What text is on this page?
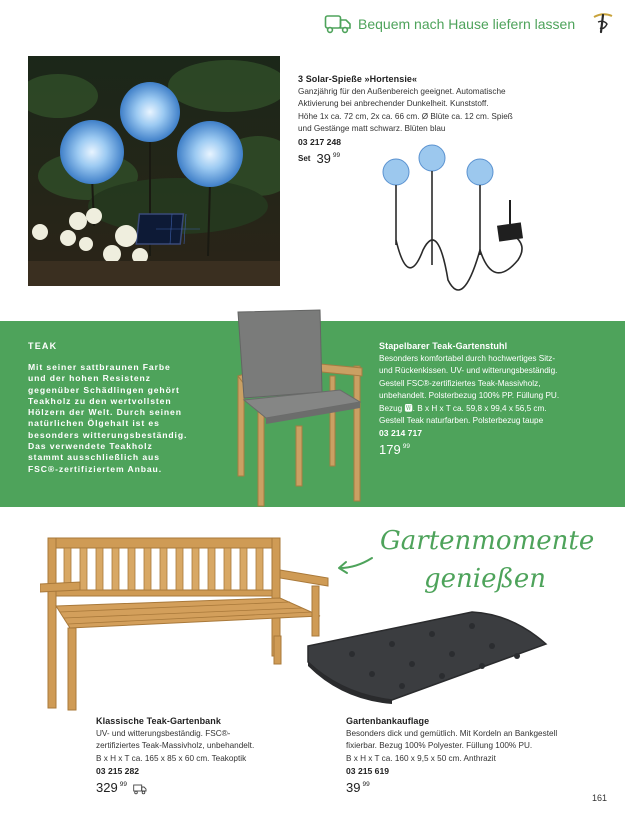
Bequem nach Hause liefern lassen
3 Solar-Spieße »Hortensie«
Ganzjährig für den Außenbereich geeignet. Automatische
Aktivierung bei anbrechender Dunkelheit. Kunststoff.
Höhe 1x ca. 72 cm, 2x ca. 66 cm. Ø Blüte ca. 12 cm. Spieß
und Gestänge matt schwarz. Blüten blau
03 217 248
Set 39 $^{99}$
TEAK
Mit seiner sattbraunen Farbe
und der hohen Resistenz
gegenüber Schädlingen gehört
Teakholz zu den wertvollsten
Hölzern der Welt. Durch seinen
natürlichen Ölgehalt ist es
besonders witterungsbeständig.
Das verwendete Teakholz
stammt ausschließlich aus
FSC®-zertifiziertem Anbau.
Stapelbarer Teak-Gartenstuhl
Besonders komfortabel durch hochwertiges Sitz-
und Rückenkissen. UV- und witterungsbeständig.
Gestell FSC®-zertifiziertes Teak-Massivholz,
unbehandelt. Polsterbezug 100% PP. Füllung PU.
Bezug 🆆. B x H x T ca. 59,8 x 99,4 x 56,5 cm.
Gestell Teak naturfarben. Polsterbezug taupe
03 214 717
179 $^{99}$
Gartenmomente
genießen
Klassische Teak-Gartenbank
UV- und witterungsbeständig. FSC®-
zertifiziertes Teak-Massivholz, unbehandelt.
B x H x T ca. 165 x 85 x 60 cm. Teakoptik
03 215 282
329 $^{99}$
Gartenbankauflage
Besonders dick und gemütlich. Mit Kordeln an Bankgestell
fixierbar. Bezug 100% Polyester. Füllung 100% PU.
B x H x T ca. 160 x 9,5 x 50 cm. Anthrazit
03 215 619
39 $^{99}$
161
